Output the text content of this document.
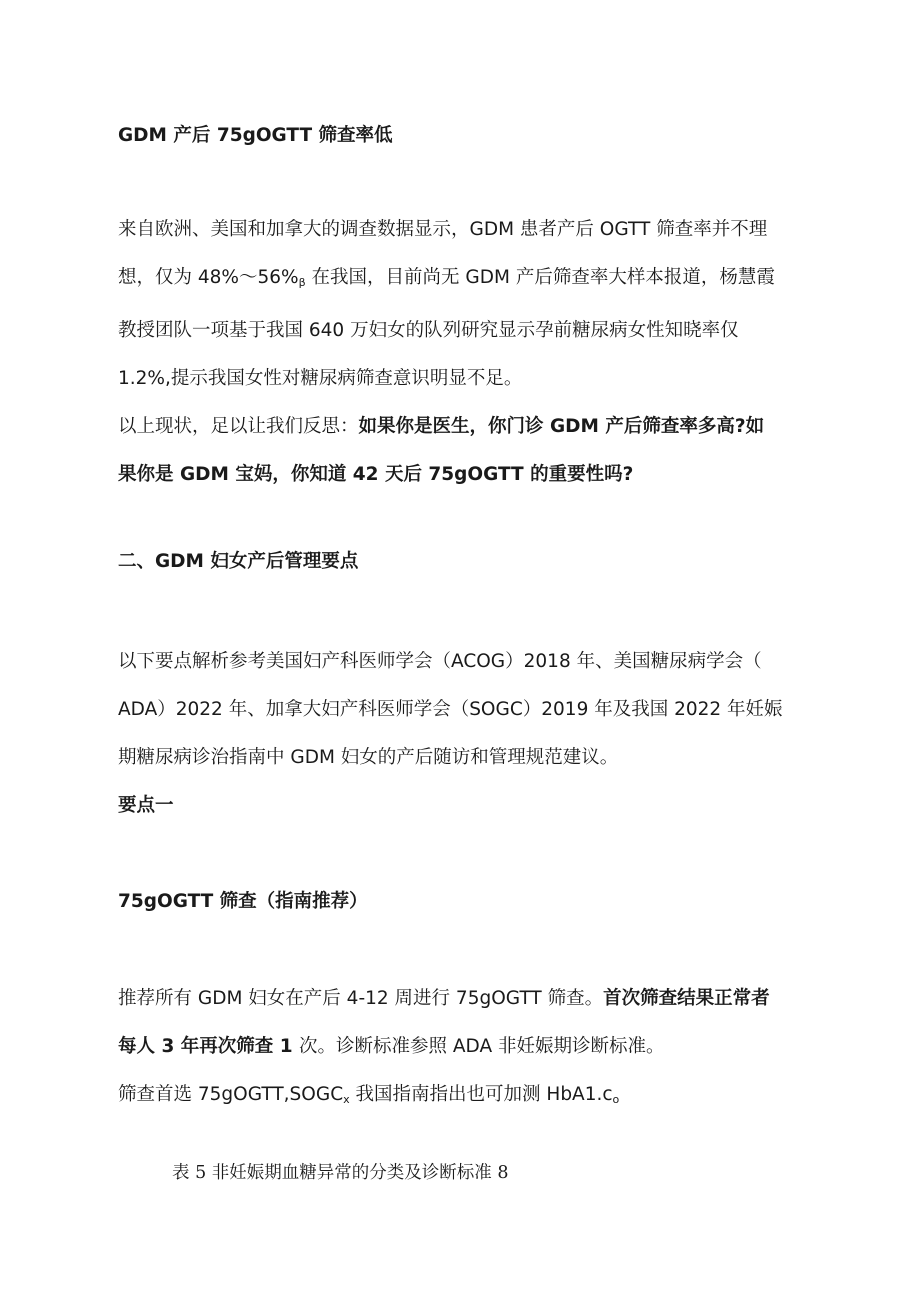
GDM 产后 75gOGTT 筛查率低
来自欧洲、美国和加拿大的调查数据显示，GDM 患者产后 OGTT 筛查率并不理
想，仅为 $48\%\sim 56\%_\beta$ 在我国，目前尚无 GDM 产后筛查率大样本报道，杨慧霞
教授团队一项基于我国 640 万妇女的队列研究显示孕前糖尿病女性知晓率仅
1.2%,提示我国女性对糖尿病筛查意识明显不足。
以上现状，足以让我们反思：如果你是医生，你门诊 GDM 产后筛查率多高?如
果你是 GDM 宝妈，你知道 42 天后 75gOGTT 的重要性吗?
二、GDM 妇女产后管理要点
以下要点解析参考美国妇产科医师学会（ACOG）2018 年、美国糖尿病学会（
ADA）2022 年、加拿大妇产科医师学会（SOGC）2019 年及我国 2022 年妊娠
期糖尿病诊治指南中 GDM 妇女的产后随访和管理规范建议。
要点一
75gOGTT 筛查（指南推荐）
推荐所有 GDM 妇女在产后 4-12 周进行 75gOGTT 筛查。首次筛查结果正常者
每人 3 年再次筛查 1 次。诊断标准参照 ADA 非妊娠期诊断标准。
筛查首选 $75gOGTT,SOGC_x$ 我国指南指出也可加测 $HbA1.c_o$
表 5 非妊娠期血糖异常的分类及诊断标准 8
